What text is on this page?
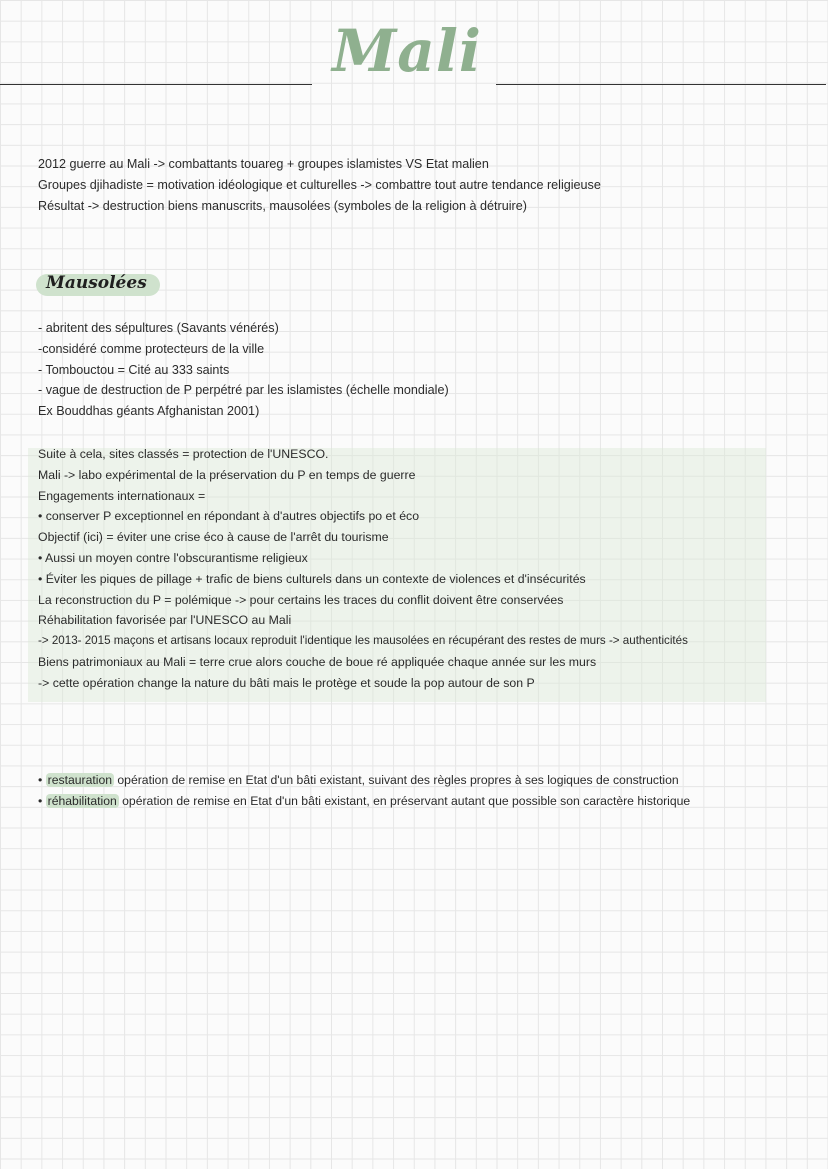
Mali
2012 guerre au Mali -> combattants touareg + groupes islamistes VS Etat malien
Groupes djihadiste = motivation idéologique et culturelles -> combattre tout autre tendance religieuse
Résultat -> destruction biens manuscrits, mausolées (symboles de la religion à détruire)
Mausolées
- abritent des sépultures (Savants vénérés)
-considéré comme protecteurs de la ville
- Tombouctou = Cité au 333 saints
- vague de destruction de P perpétré par les islamistes (échelle mondiale)
Ex Bouddhas géants Afghanistan 2001)
Suite à cela, sites classés = protection de l'UNESCO.
Mali -> labo expérimental de la préservation du P en temps de guerre
Engagements internationaux =
• conserver P exceptionnel en répondant à d'autres objectifs po et éco
Objectif (ici) = éviter une crise éco à cause de l'arrêt du tourisme
• Aussi un moyen contre l'obscurantisme religieux
• Éviter les piques de pillage + trafic de biens culturels dans un contexte de violences et d'insécurités
La reconstruction du P = polémique -> pour certains les traces du conflit doivent être conservées
Réhabilitation favorisée par l'UNESCO au Mali
-> 2013- 2015 maçons et artisans locaux reproduit l'identique les mausolées en récupérant des restes de murs -> authenticités
Biens patrimoniaux au Mali = terre crue alors couche de boue ré appliquée chaque année sur les murs
-> cette opération change la nature du bâti mais le protège et soude la pop autour de son P
• restauration opération de remise en Etat d'un bâti existant, suivant des règles propres à ses logiques de construction
• réhabilitation opération de remise en Etat d'un bâti existant, en préservant autant que possible son caractère historique
